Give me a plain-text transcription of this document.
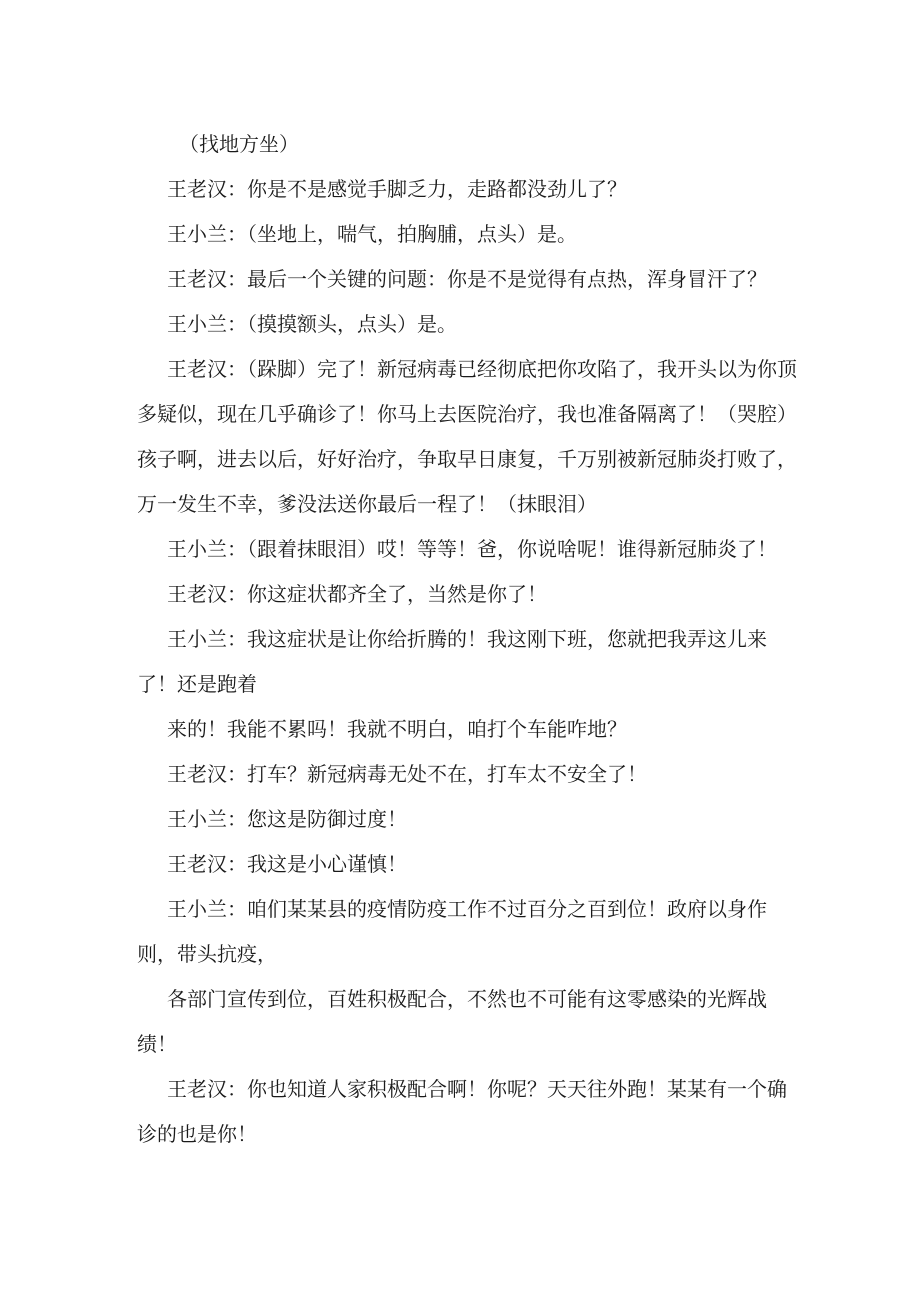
（找地方坐）

王老汉：你是不是感觉手脚乏力，走路都没劲儿了？

王小兰：（坐地上，喘气，拍胸脯，点头）是。

王老汉：最后一个关键的问题：你是不是觉得有点热，浑身冒汗了？

王小兰：（摸摸额头，点头）是。

王老汉：（跺脚）完了！新冠病毒已经彻底把你攻陷了，我开头以为你顶多疑似，现在几乎确诊了！你马上去医院治疗，我也准备隔离了！（哭腔）孩子啊，进去以后，好好治疗，争取早日康复，千万别被新冠肺炎打败了，万一发生不幸，爹没法送你最后一程了！（抹眼泪）

王小兰：（跟着抹眼泪）哎！等等！爸，你说啥呢！谁得新冠肺炎了！

王老汉：你这症状都齐全了，当然是你了！

王小兰：我这症状是让你给折腾的！我这刚下班，您就把我弄这儿来了！还是跑着

来的！我能不累吗！我就不明白，咱打个车能咋地？

王老汉：打车？新冠病毒无处不在，打车太不安全了！

王小兰：您这是防御过度！

王老汉：我这是小心谨慎！

王小兰：咱们某某县的疫情防疫工作不过百分之百到位！政府以身作则，带头抗疫，

各部门宣传到位，百姓积极配合，不然也不可能有这零感染的光辉战绩！

王老汉：你也知道人家积极配合啊！你呢？天天往外跑！某某有一个确诊的也是你！
